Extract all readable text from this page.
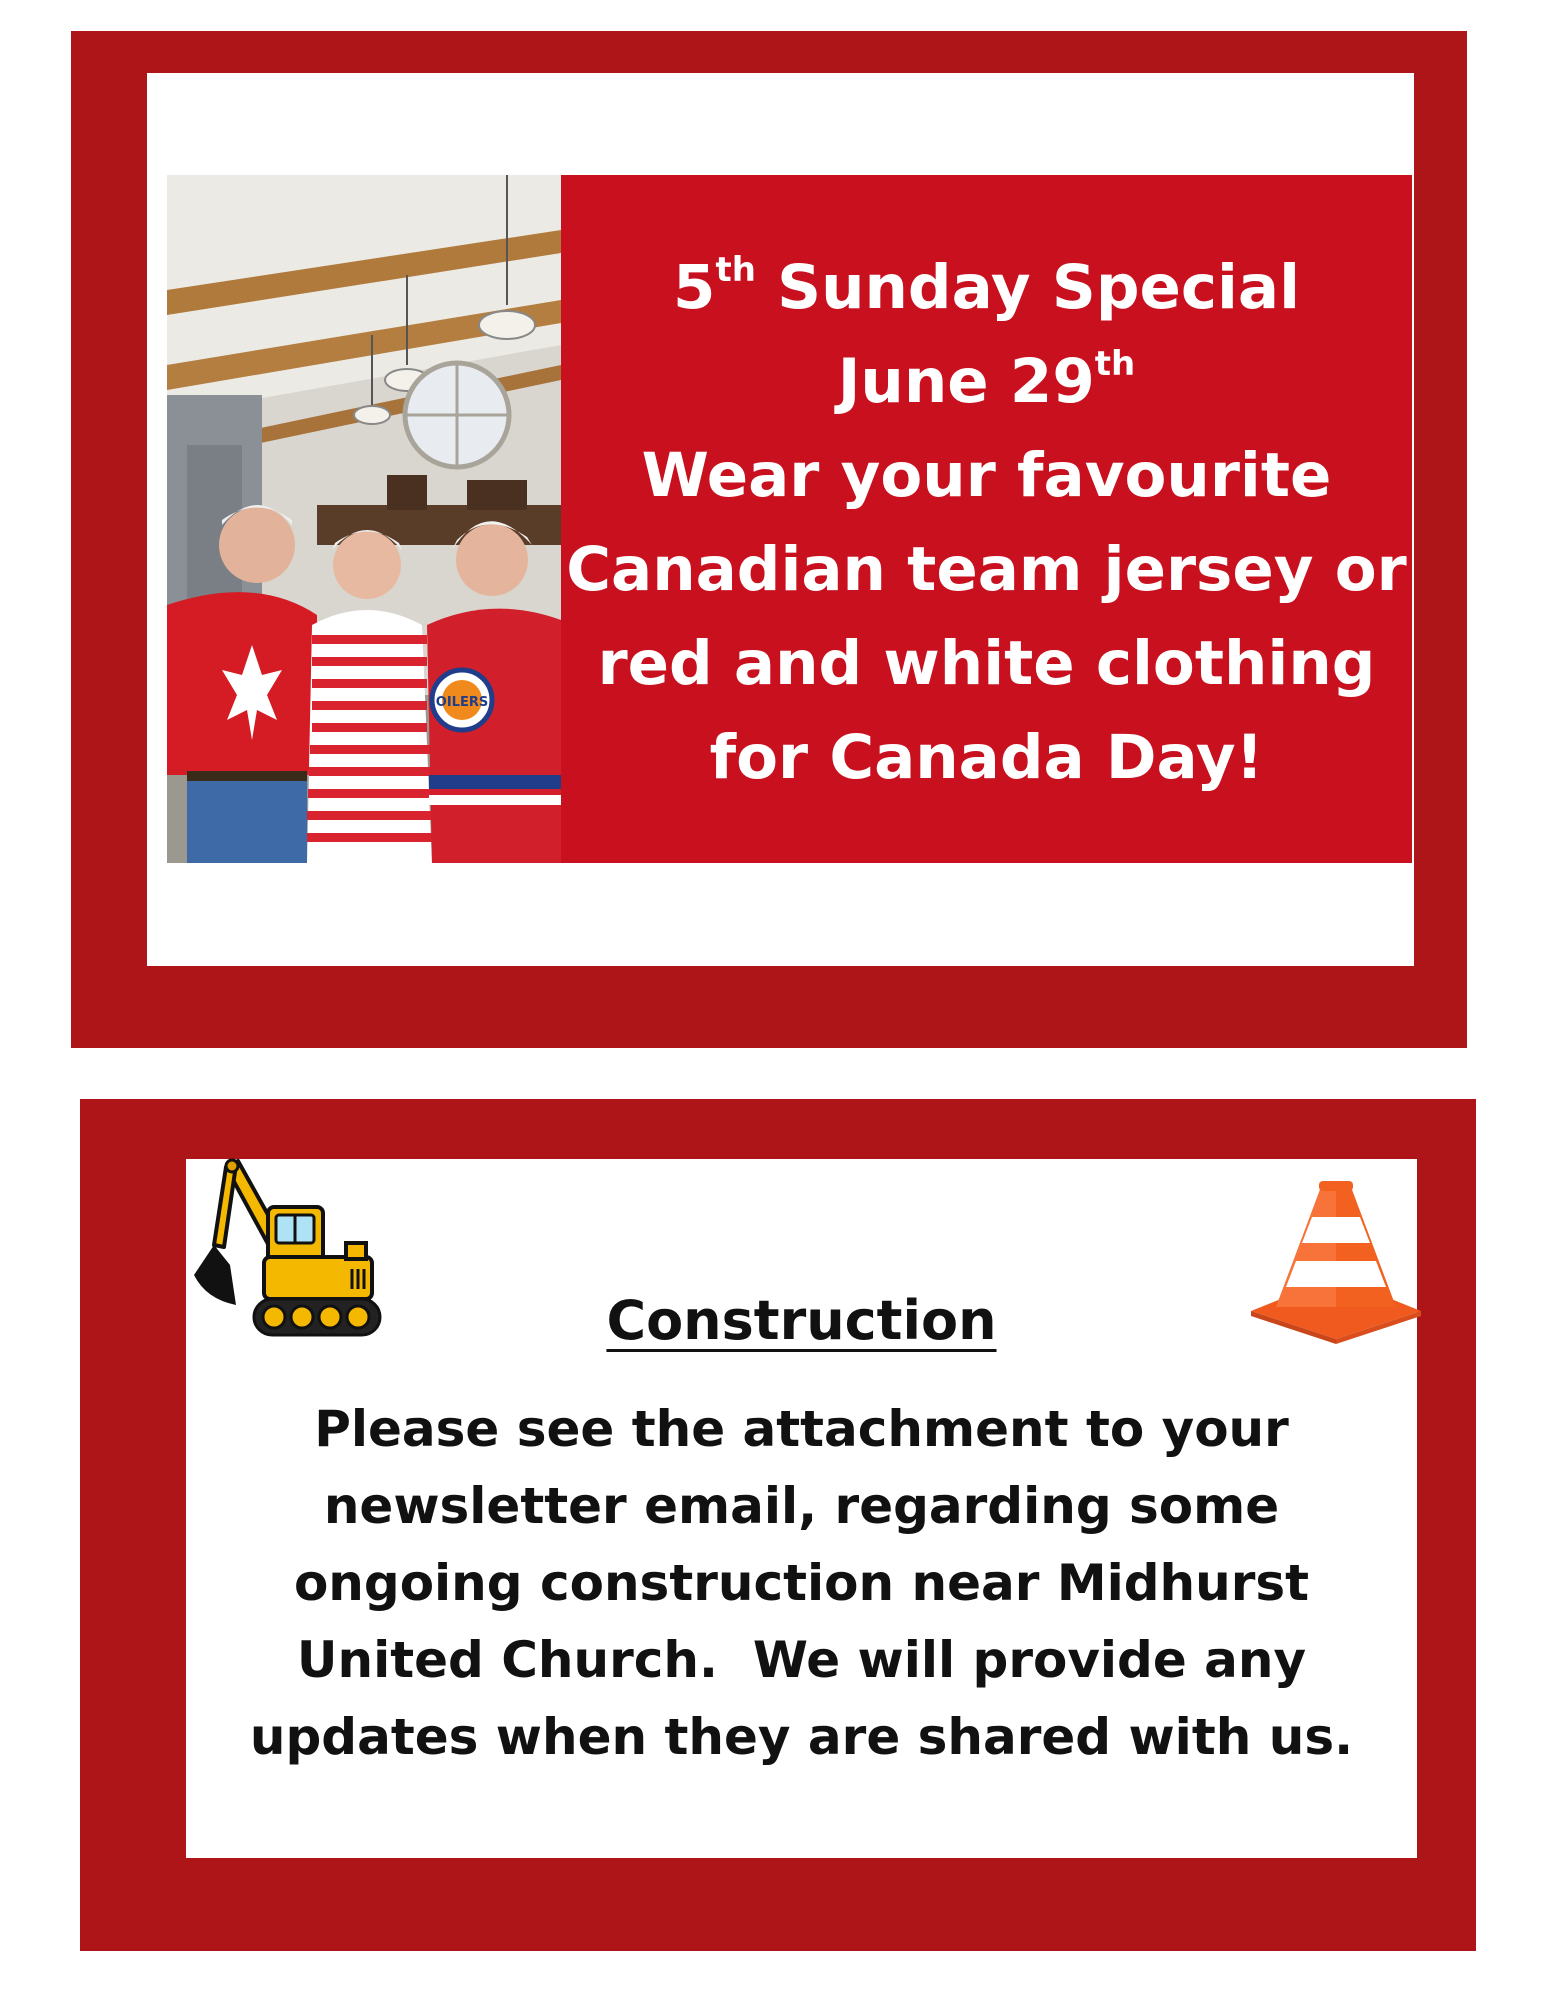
OILERS
5th Sunday Special
June 29th
Wear your favourite
Canadian team jersey or
red and white clothing
for Canada Day!
Construction
Please see the attachment to your
newsletter email, regarding some
ongoing construction near Midhurst
United Church.  We will provide any
updates when they are shared with us.
